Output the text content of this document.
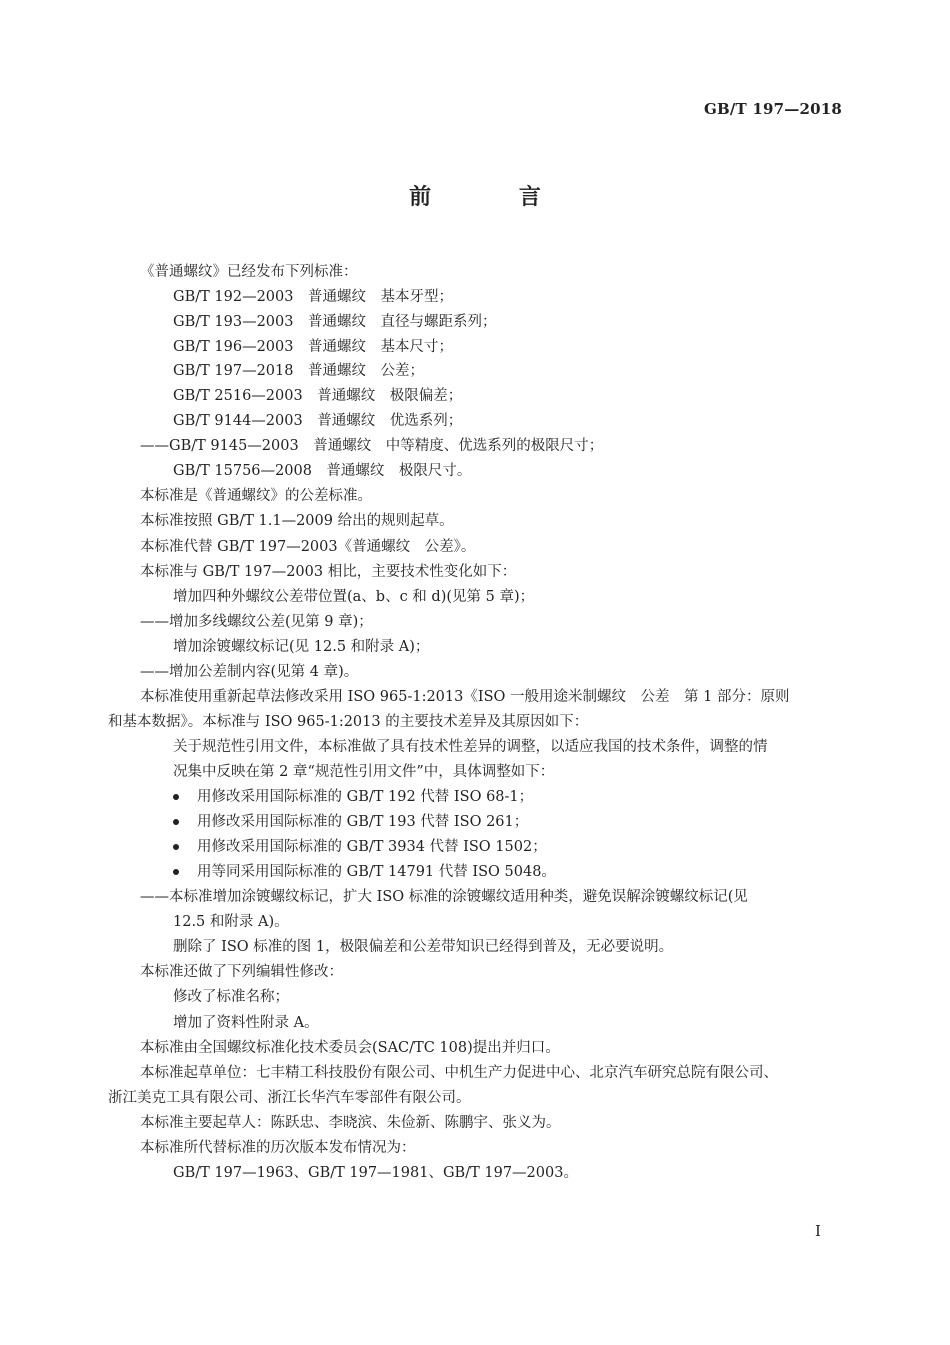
GB/T 197—2018
前 言
《普通螺纹》已经发布下列标准：
GB/T 192—2003　普通螺纹　基本牙型；
GB/T 193—2003　普通螺纹　直径与螺距系列；
GB/T 196—2003　普通螺纹　基本尺寸；
GB/T 197—2018　普通螺纹　公差；
GB/T 2516—2003　普通螺纹　极限偏差；
GB/T 9144—2003　普通螺纹　优选系列；
——GB/T 9145—2003　普通螺纹　中等精度、优选系列的极限尺寸；
GB/T 15756—2008　普通螺纹　极限尺寸。
本标准是《普通螺纹》的公差标准。
本标准按照 GB/T 1.1—2009 给出的规则起草。
本标准代替 GB/T 197—2003《普通螺纹　公差》。
本标准与 GB/T 197—2003 相比，主要技术性变化如下：
增加四种外螺纹公差带位置(a、b、c 和 d)(见第 5 章)；
——增加多线螺纹公差(见第 9 章)；
增加涂镀螺纹标记(见 12.5 和附录 A)；
——增加公差制内容(见第 4 章)。
本标准使用重新起草法修改采用 ISO 965-1:2013《ISO 一般用途米制螺纹　公差　第 1 部分：原则
和基本数据》。本标准与 ISO 965-1:2013 的主要技术差异及其原因如下：
关于规范性引用文件，本标准做了具有技术性差异的调整，以适应我国的技术条件，调整的情
况集中反映在第 2 章“规范性引用文件”中，具体调整如下：
用修改采用国际标准的 GB/T 192 代替 ISO 68-1；
用修改采用国际标准的 GB/T 193 代替 ISO 261；
用修改采用国际标准的 GB/T 3934 代替 ISO 1502；
用等同采用国际标准的 GB/T 14791 代替 ISO 5048。
——本标准增加涂镀螺纹标记，扩大 ISO 标准的涂镀螺纹适用种类，避免误解涂镀螺纹标记(见
12.5 和附录 A)。
删除了 ISO 标准的图 1，极限偏差和公差带知识已经得到普及，无必要说明。
本标准还做了下列编辑性修改：
修改了标准名称；
增加了资料性附录 A。
本标准由全国螺纹标准化技术委员会(SAC/TC 108)提出并归口。
本标准起草单位：七丰精工科技股份有限公司、中机生产力促进中心、北京汽车研究总院有限公司、
浙江美克工具有限公司、浙江长华汽车零部件有限公司。
本标准主要起草人：陈跃忠、李晓滨、朱俭新、陈鹏宇、张义为。
本标准所代替标准的历次版本发布情况为：
GB/T 197—1963、GB/T 197—1981、GB/T 197—2003。
I
